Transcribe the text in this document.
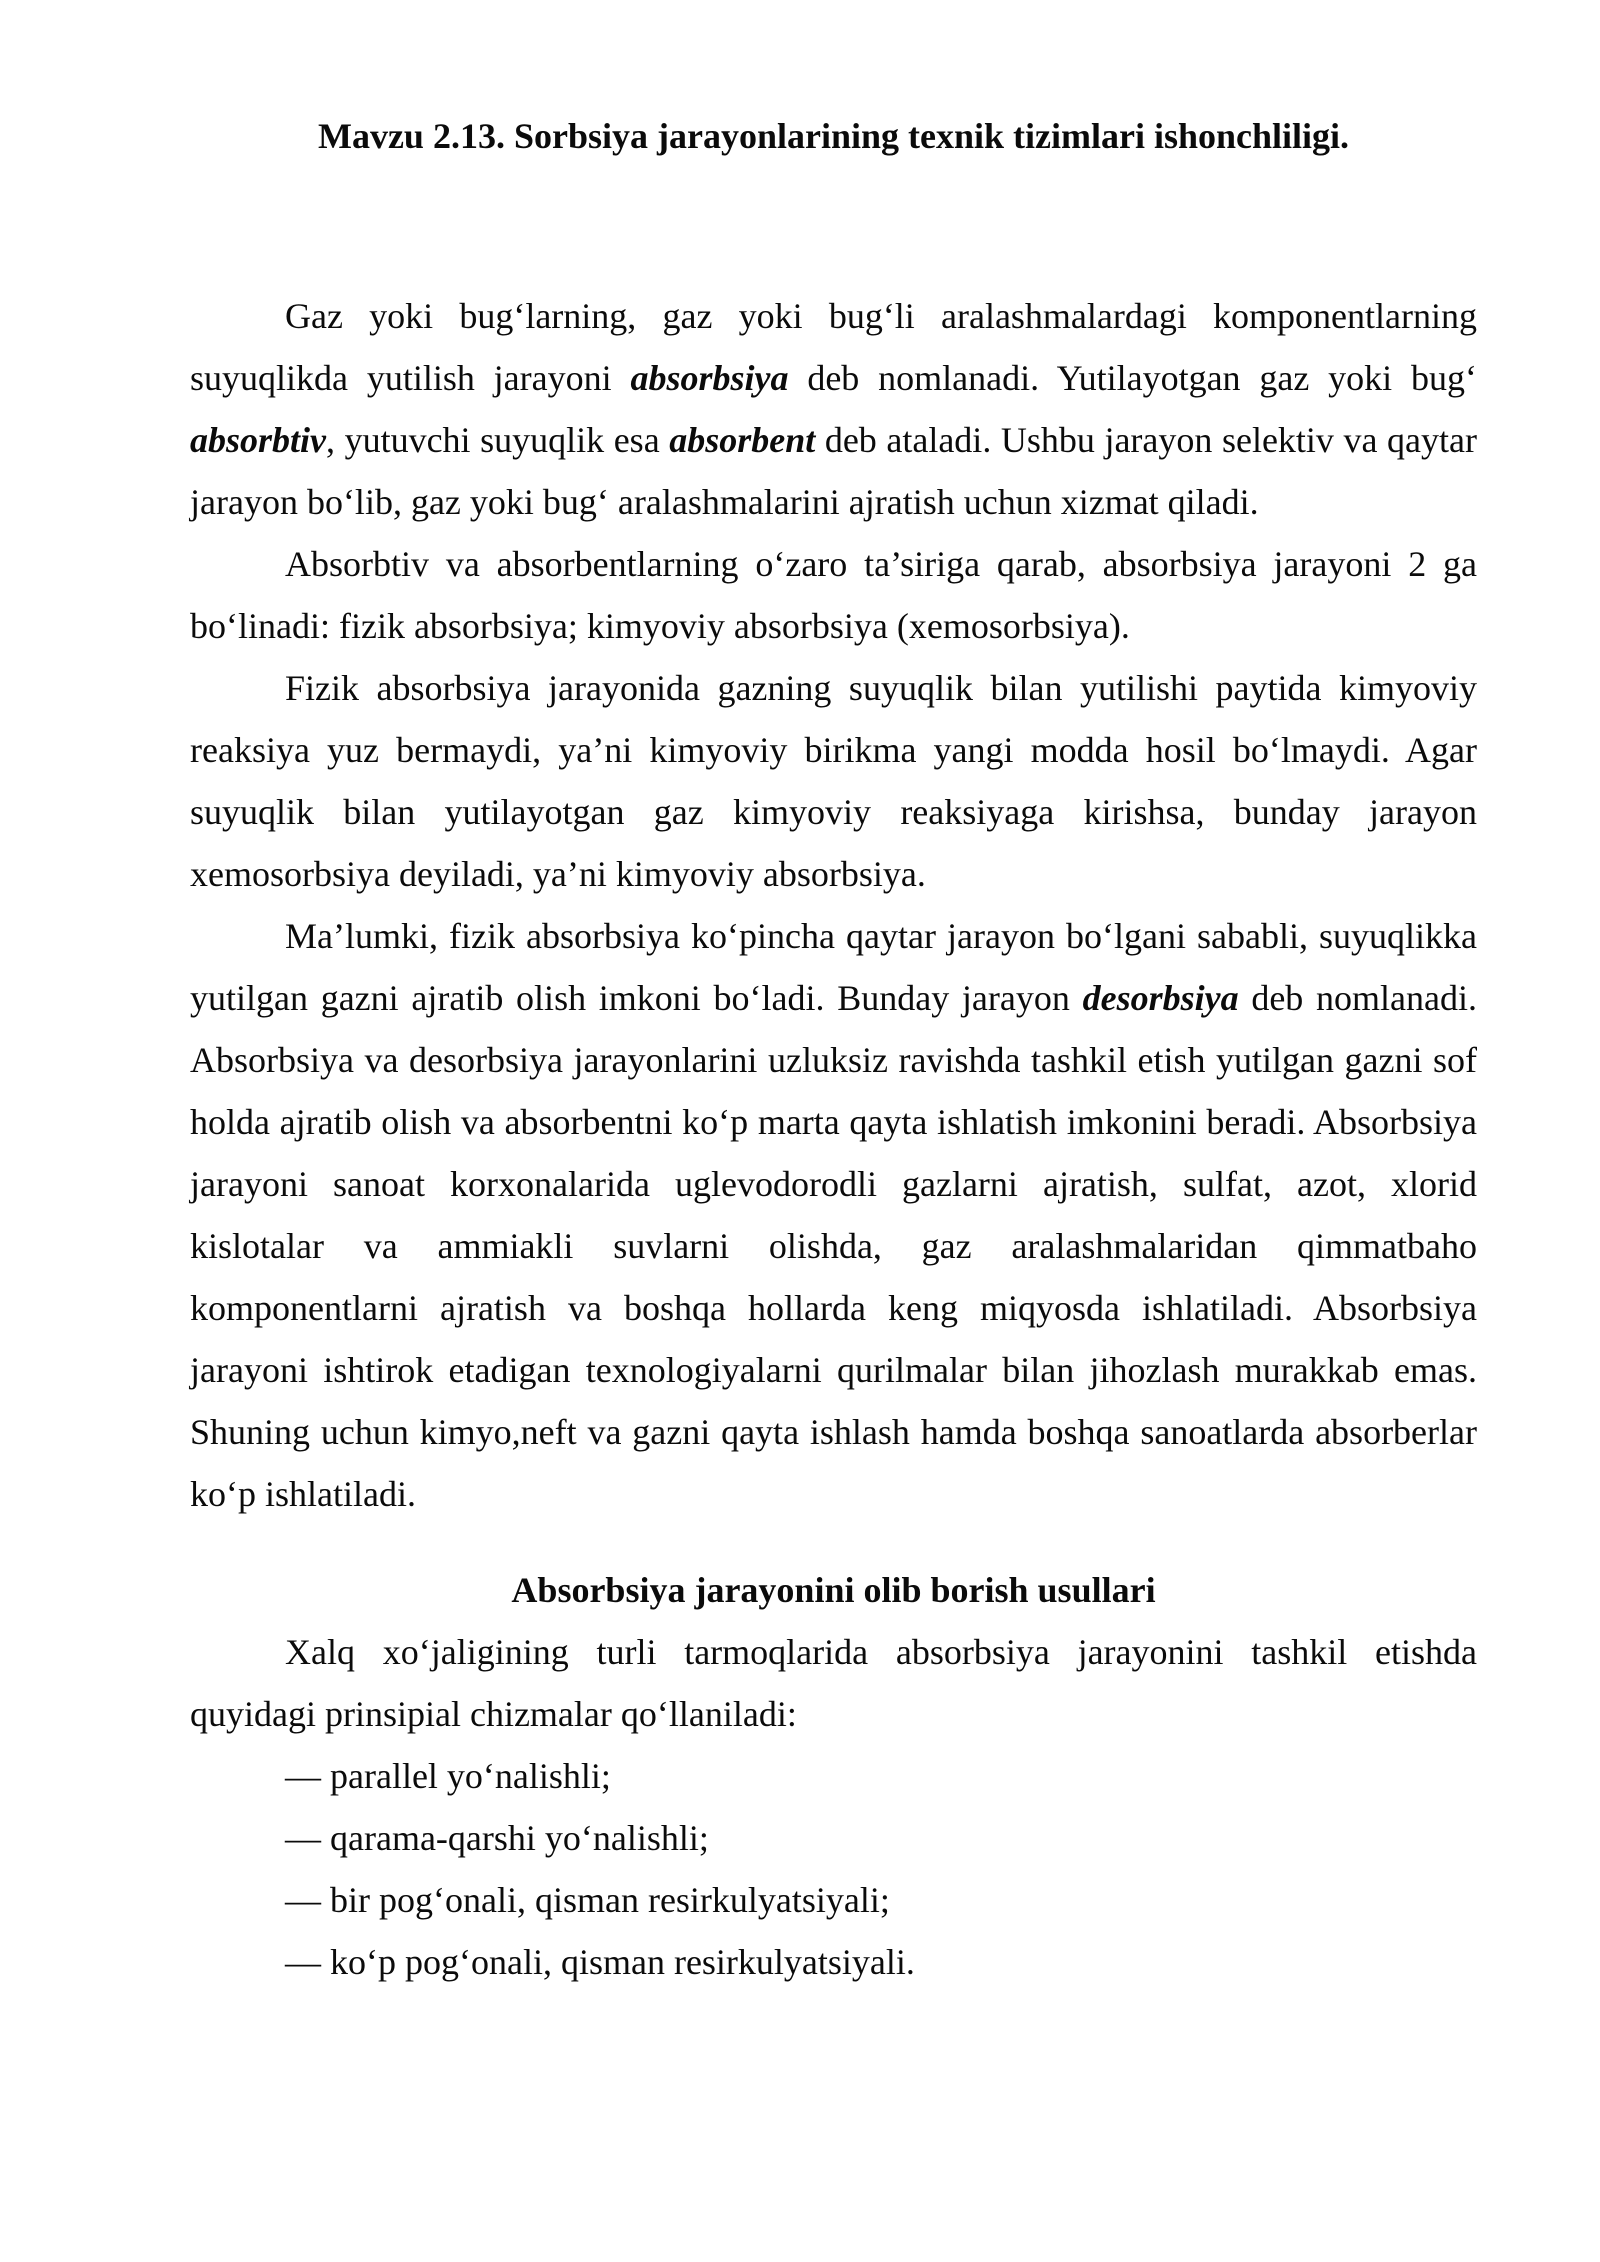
Mavzu 2.13. Sorbsiya jarayonlarining texnik tizimlari ishonchliligi.

Gaz yoki bug‘larning, gaz yoki bug‘li aralashmalardagi komponentlarning suyuqlikda yutilish jarayoni absorbsiya deb nomlanadi. Yutilayotgan gaz yoki bug‘ absorbtiv, yutuvchi suyuqlik esa absorbent deb ataladi. Ushbu jarayon selektiv va qaytar jarayon bo‘lib, gaz yoki bug‘ aralashmalarini ajratish uchun xizmat qiladi.

Absorbtiv va absorbentlarning o‘zaro ta’siriga qarab, absorbsiya jarayoni 2 ga bo‘linadi: fizik absorbsiya; kimyoviy absorbsiya (xemosorbsiya).

Fizik absorbsiya jarayonida gazning suyuqlik bilan yutilishi paytida kimyoviy reaksiya yuz bermaydi, ya’ni kimyoviy birikma yangi modda hosil bo‘lmaydi. Agar suyuqlik bilan yutilayotgan gaz kimyoviy reaksiyaga kirishsa, bunday jarayon xemosorbsiya deyiladi, ya’ni kimyoviy absorbsiya.

Ma’lumki, fizik absorbsiya ko‘pincha qaytar jarayon bo‘lgani sababli, suyuqlikka yutilgan gazni ajratib olish imkoni bo‘ladi. Bunday jarayon desorbsiya deb nomlanadi. Absorbsiya va desorbsiya jarayonlarini uzluksiz ravishda tashkil etish yutilgan gazni sof holda ajratib olish va absorbentni ko‘p marta qayta ishlatish imkonini beradi. Absorbsiya jarayoni sanoat korxonalarida uglevodorodli gazlarni ajratish, sulfat, azot, xlorid kislotalar va ammiakli suvlarni olishda, gaz aralashmalaridan qimmatbaho komponentlarni ajratish va boshqa hollarda keng miqyosda ishlatiladi. Absorbsiya jarayoni ishtirok etadigan texnologiyalarni qurilmalar bilan jihozlash murakkab emas. Shuning uchun kimyo,neft va gazni qayta ishlash hamda boshqa sanoatlarda absorberlar ko‘p ishlatiladi.

Absorbsiya jarayonini olib borish usullari

Xalq xo‘jaligining turli tarmoqlarida absorbsiya jarayonini tashkil etishda quyidagi prinsipial chizmalar qo‘llaniladi:

— parallel yo‘nalishli;

— qarama-qarshi yo‘nalishli;

— bir pog‘onali, qisman resirkulyatsiyali;

— ko‘p pog‘onali, qisman resirkulyatsiyali.
